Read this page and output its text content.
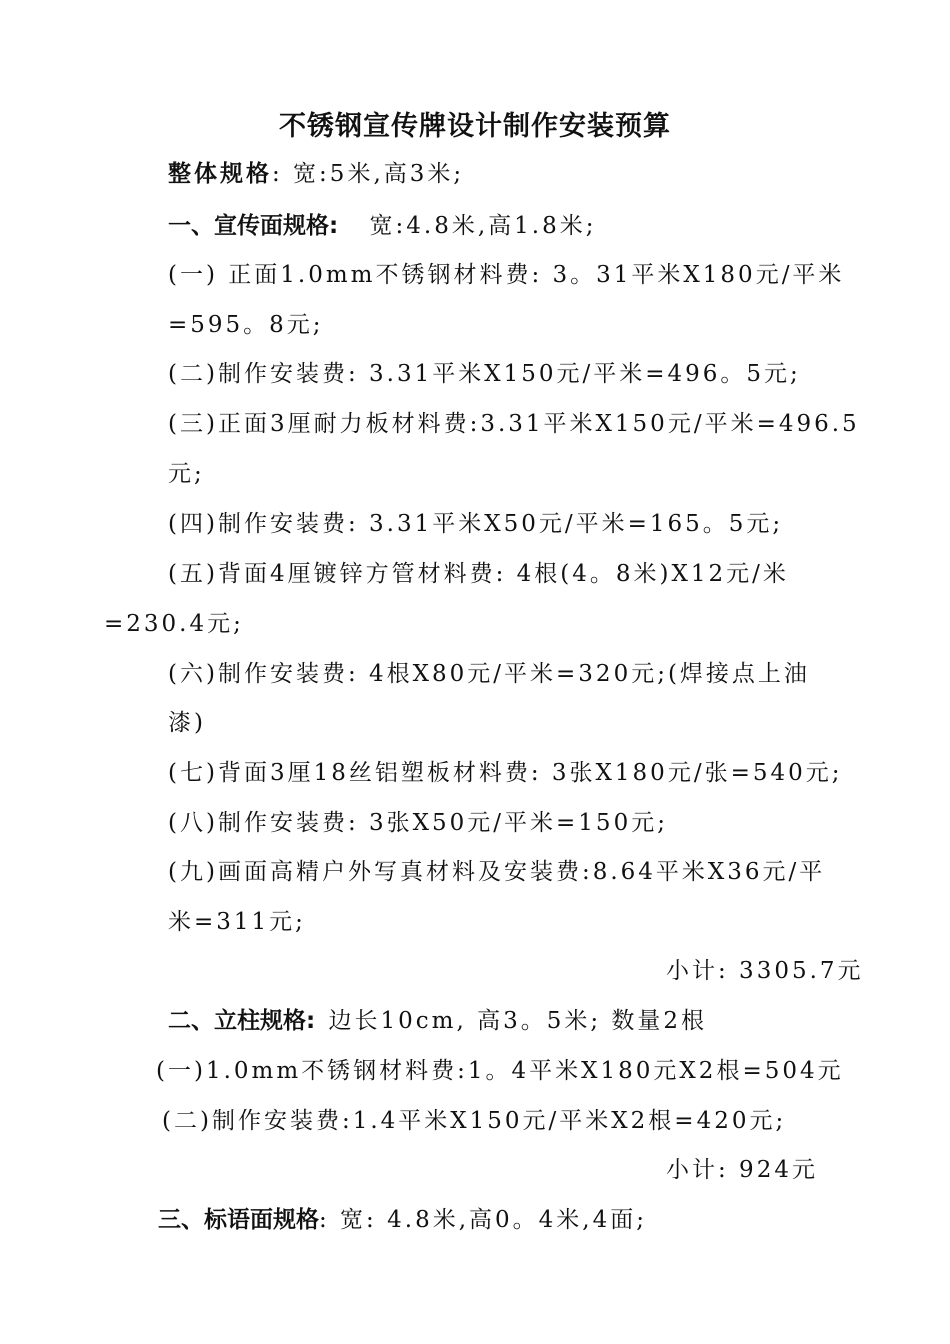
不锈钢宣传牌设计制作安装预算
整体规格: 宽:5米,高3米;
一、宣传面规格: 宽:4.8米,高1.8米;
(一) 正面1.0mm不锈钢材料费: 3。31平米X180元/平米
=595。8元;
(二)制作安装费: 3.31平米X150元/平米=496。5元;
(三)正面3厘耐力板材料费:3.31平米X150元/平米=496.5
元;
(四)制作安装费: 3.31平米X50元/平米=165。5元;
(五)背面4厘镀锌方管材料费: 4根(4。8米)X12元/米
=230.4元;
(六)制作安装费: 4根X80元/平米=320元;(焊接点上油
漆)
(七)背面3厘18丝铝塑板材料费: 3张X180元/张=540元;
(八)制作安装费: 3张X50元/平米=150元;
(九)画面高精户外写真材料及安装费:8.64平米X36元/平
米=311元;
小计: 3305.7元
二、立柱规格: 边长10cm, 高3。5米; 数量2根
(一)1.0mm不锈钢材料费:1。4平米X180元X2根=504元
(二)制作安装费:1.4平米X150元/平米X2根=420元;
小计: 924元
三、标语面规格: 宽: 4.8米,高0。4米,4面;
